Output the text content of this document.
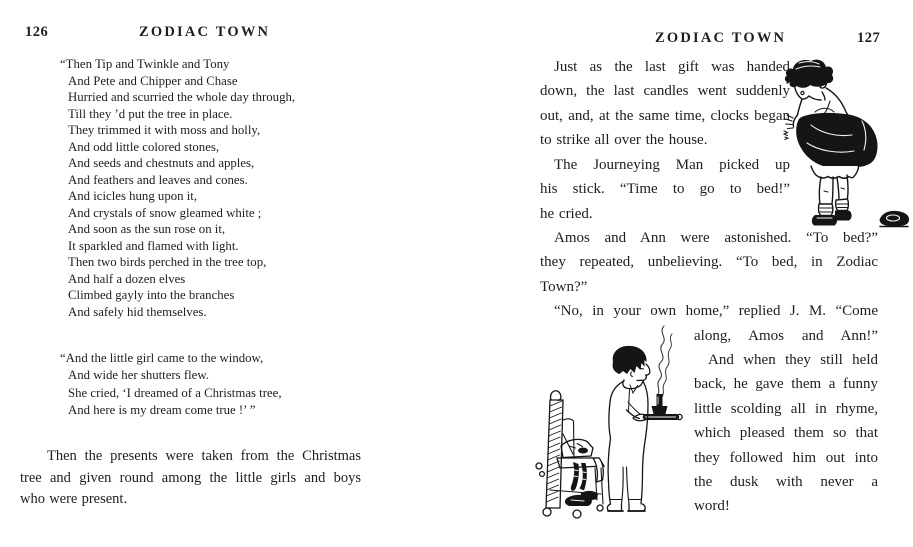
126	ZODIAC TOWN
“Then Tip and Twinkle and Tony
And Pete and Chipper and Chase
Hurried and scurried the whole day through,
Till they ’d put the tree in place.
They trimmed it with moss and holly,
And odd little colored stones,
And seeds and chestnuts and apples,
And feathers and leaves and cones.
And icicles hung upon it,
And crystals of snow gleamed white ;
And soon as the sun rose on it,
It sparkled and flamed with light.
Then two birds perched in the tree top,
And half a dozen elves
Climbed gayly into the branches
And safely hid themselves.
“And the little girl came to the window,
And wide her shutters flew.
She cried, ‘I dreamed of a Christmas tree,
And here is my dream come true !’ ”
Then the presents were taken from the Christmas
tree and given round among the little girls and boys
who were present.
ZODIAC TOWN	127
Just as the last gift was handed
down, the last candles went suddenly
out, and, at the same time, clocks began
to strike all over the house.
The Journeying Man picked up
his stick. “Time to go to bed!”
he cried.
Amos and Ann were astonished. “To bed?”
they repeated, unbelieving. “To bed, in Zodiac
Town?”
“No, in your own home,” replied J. M. “Come
along, Amos and Ann!”
And when they still held
back, he gave them a funny
little scolding all in rhyme,
which pleased them so that
they followed him out into
the dusk with never a
word!
